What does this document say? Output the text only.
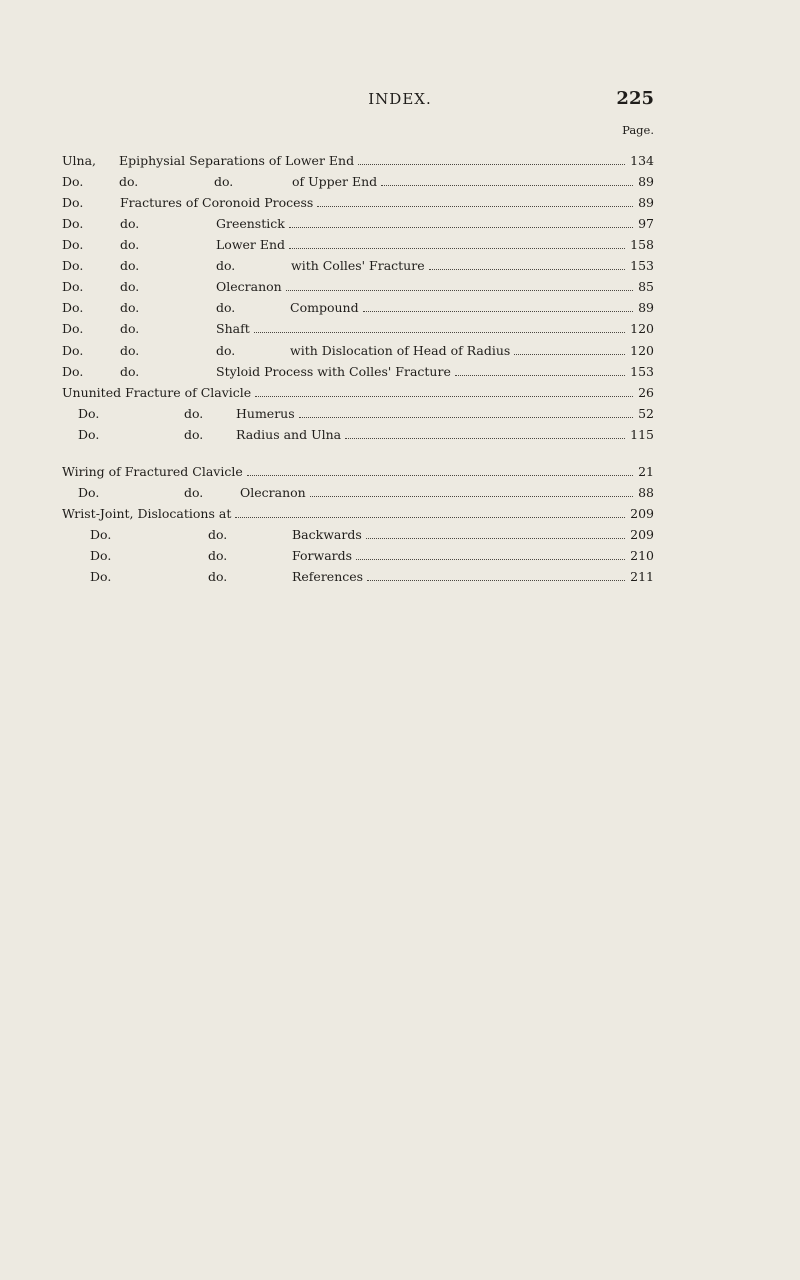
INDEX.	225
Page.
Ulna, Epiphysial Separations of Lower End	134
Do.	do.	do.	of Upper End	89
Do.	Fractures of Coronoid Process	89
Do.	do.	Greenstick	97
Do.	do.	Lower End	158
Do.	do.	do.	with Colles' Fracture	153
Do.	do.	Olecranon	85
Do.	do.	do.	Compound	89
Do.	do.	Shaft	120
Do.	do.	do.	with Dislocation of Head of Radius	120
Do.	do.	Styloid Process with Colles' Fracture	153
Ununited Fracture of Clavicle	26
Do.	do.	Humerus	52
Do.	do.	Radius and Ulna	115
Wiring of Fractured Clavicle	21
Do.	do.	Olecranon	88
Wrist-Joint, Dislocations at	209
Do.	do.	Backwards	209
Do.	do.	Forwards	210
Do.	do.	References	211
